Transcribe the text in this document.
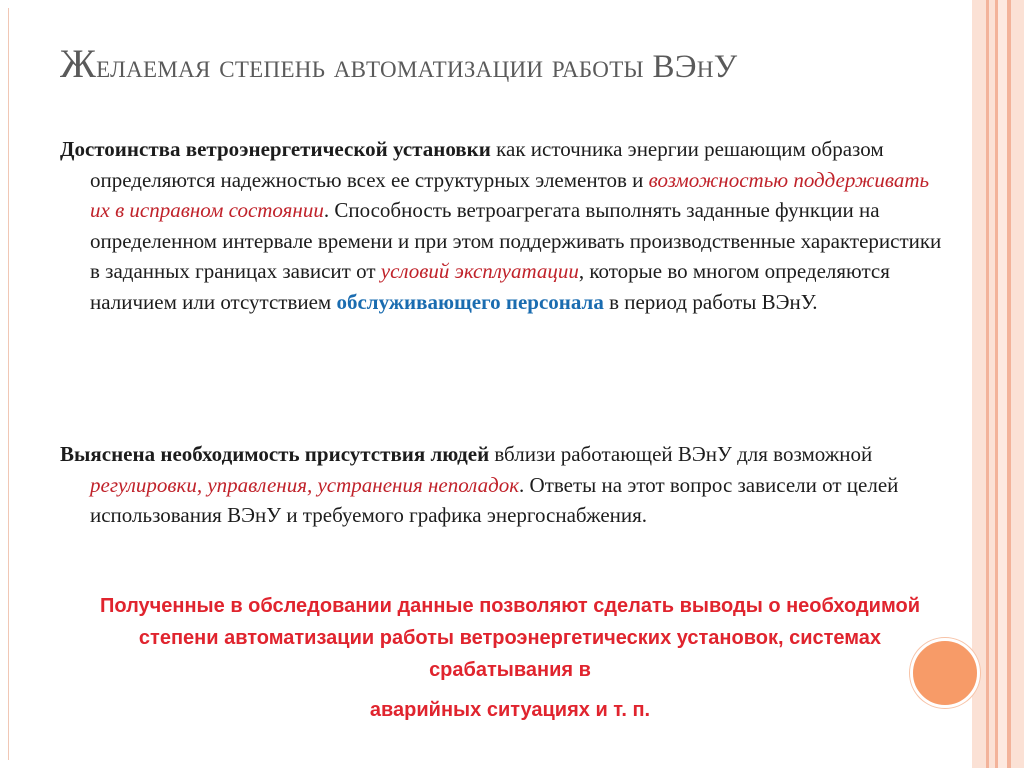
Желаемая степень автоматизации работы ВЭнУ
Достоинства ветроэнергетической установки как источника энергии решающим образом определяются надежностью всех ее структурных элементов и возможностью поддерживать их в исправном состоянии. Способность ветроагрегата выполнять заданные функции на определенном интервале времени и при этом поддерживать производственные характеристики в заданных границах зависит от условий эксплуатации, которые во многом определяются наличием или отсутствием обслуживающего персонала в период работы ВЭнУ.
Выяснена необходимость присутствия людей вблизи работающей ВЭнУ для возможной регулировки, управления, устранения неполадок. Ответы на этот вопрос зависели от целей использования ВЭнУ и требуемого графика энергоснабжения.
Полученные в обследовании данные позволяют сделать выводы о необходимой степени автоматизации работы ветроэнергетических установок, системах срабатывания в
аварийных ситуациях и т. п.
